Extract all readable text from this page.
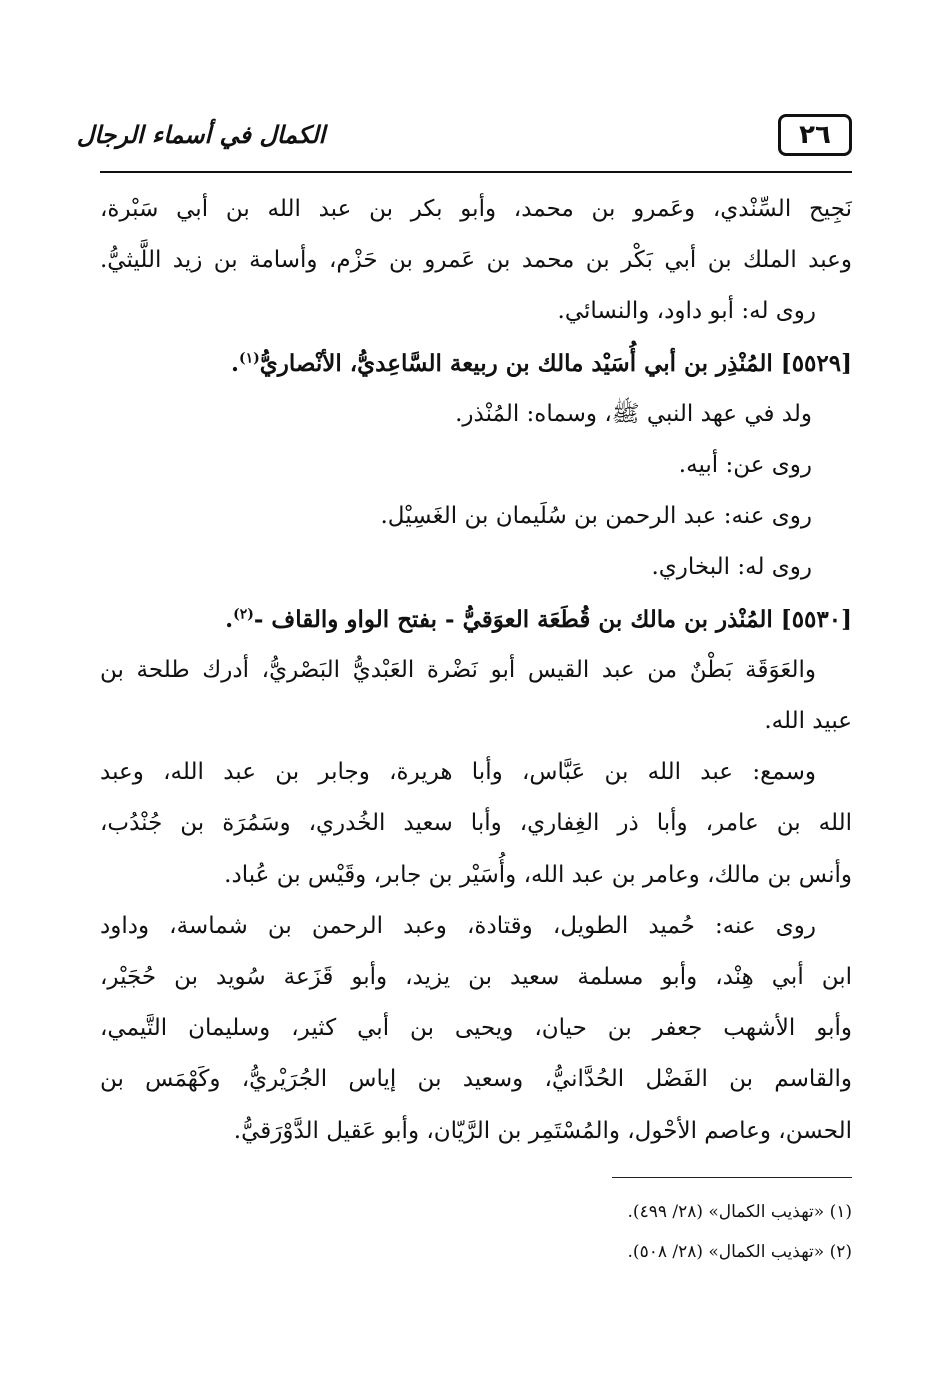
٢٦
الكمال في أسماء الرجال
نَجِيح السِّنْدي، وعَمرو بن محمد، وأبو بكر بن عبد الله بن أبي سَبْرة،
وعبد الملك بن أبي بَكْر بن محمد بن عَمرو بن حَزْم، وأسامة بن زيد اللَّيثيُّ.
روى له: أبو داود، والنسائي.
[٥٥٢٩] المُنْذِر بن أبي أُسَيْد مالك بن ربيعة السَّاعِديُّ، الأنْصاريُّ$^{(١)}$.
ولد في عهد النبي ﷺ، وسماه: المُنْذر.
روى عن: أبيه.
روى عنه: عبد الرحمن بن سُلَيمان بن الغَسِيْل.
روى له: البخاري.
[٥٥٣٠] المُنْذر بن مالك بن قُطَعَة العوَقيُّ - بفتح الواو والقاف -$^{(٢)}$.
والعَوَقَة بَطْنٌ من عبد القيس أبو نَضْرة العَبْديُّ البَصْريُّ، أدرك طلحة بن
عبيد الله.
وسمع: عبد الله بن عَبَّاس، وأبا هريرة، وجابر بن عبد الله، وعبد
الله بن عامر، وأبا ذر الغِفاري، وأبا سعيد الخُدري، وسَمُرَة بن جُنْدُب،
وأنس بن مالك، وعامر بن عبد الله، وأُسَيْر بن جابر، وقَيْس بن عُباد.
روى عنه: حُميد الطويل، وقتادة، وعبد الرحمن بن شماسة، وداود
ابن أبي هِنْد، وأبو مسلمة سعيد بن يزيد، وأبو قَزَعة سُويد بن حُجَيْر،
وأبو الأشهب جعفر بن حيان، ويحيى بن أبي كثير، وسليمان التَّيمي،
والقاسم بن الفَضْل الحُدَّانيُّ، وسعيد بن إياس الجُرَيْريُّ، وكَهْمَس بن
الحسن، وعاصم الأحْول، والمُسْتَمِر بن الرَّيّان، وأبو عَقيل الدَّوْرَقيُّ.
(١) «تهذيب الكمال» (٢٨/ ٤٩٩).
(٢) «تهذيب الكمال» (٢٨/ ٥٠٨).
